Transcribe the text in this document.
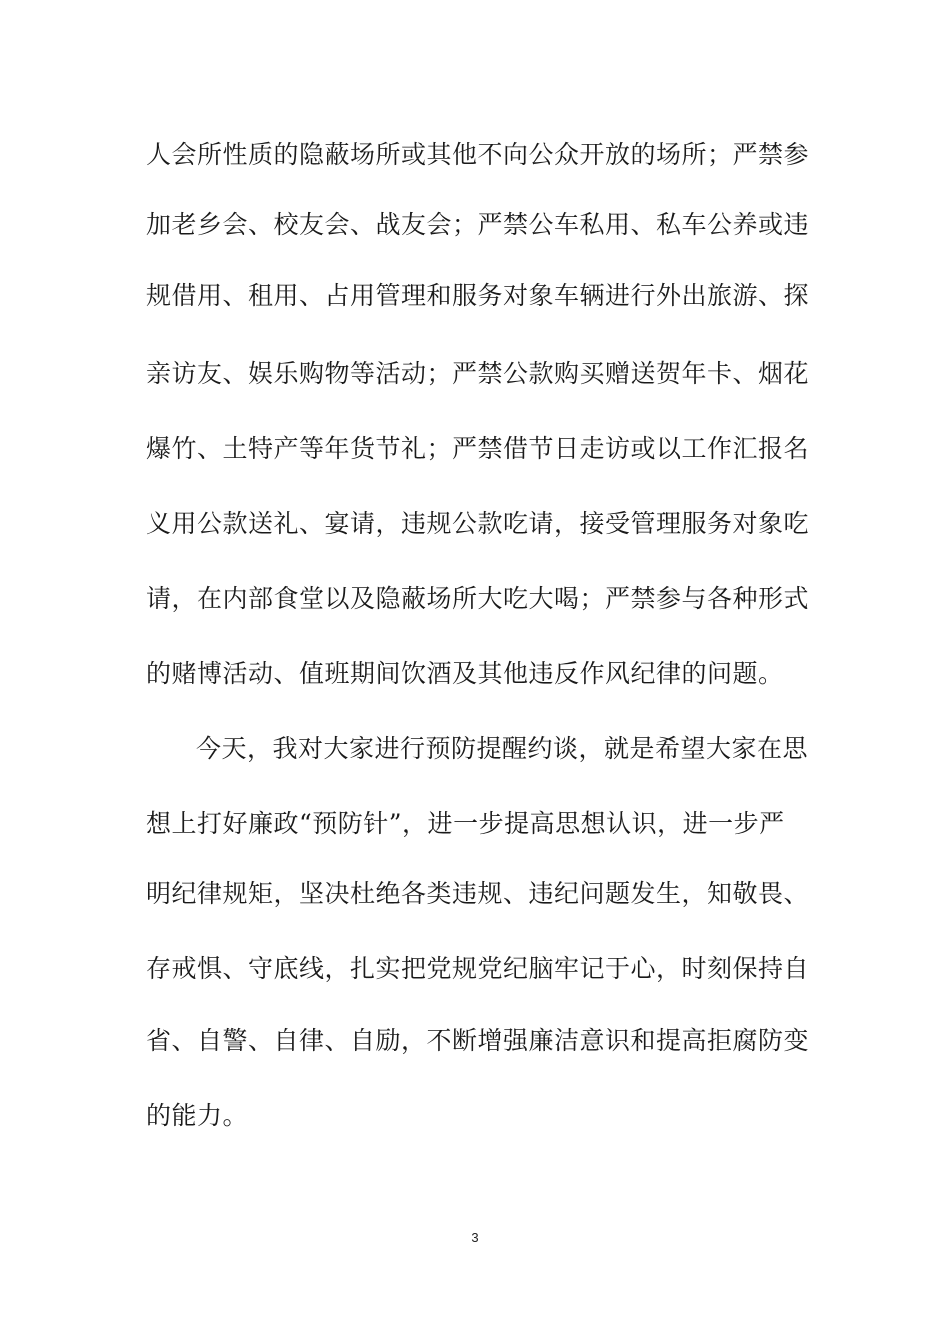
人会所性质的隐蔽场所或其他不向公众开放的场所；严禁参
加老乡会、校友会、战友会；严禁公车私用、私车公养或违
规借用、租用、占用管理和服务对象车辆进行外出旅游、探
亲访友、娱乐购物等活动；严禁公款购买赠送贺年卡、烟花
爆竹、土特产等年货节礼；严禁借节日走访或以工作汇报名
义用公款送礼、宴请，违规公款吃请，接受管理服务对象吃
请，在内部食堂以及隐蔽场所大吃大喝；严禁参与各种形式
的赌博活动、值班期间饮酒及其他违反作风纪律的问题。
今天，我对大家进行预防提醒约谈，就是希望大家在思
想上打好廉政“预防针”，进一步提高思想认识，进一步严
明纪律规矩，坚决杜绝各类违规、违纪问题发生，知敬畏、
存戒惧、守底线，扎实把党规党纪脑牢记于心，时刻保持自
省、自警、自律、自励，不断增强廉洁意识和提高拒腐防变
的能力。
3
